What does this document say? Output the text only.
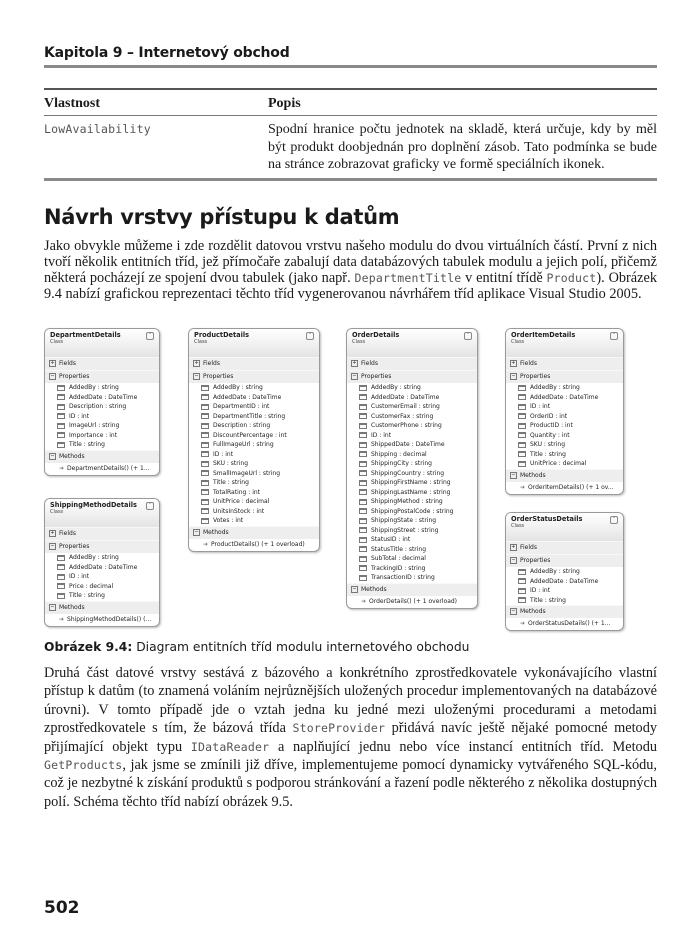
Kapitola 9 – Internetový obchod
Vlastnost	Popis
LowAvailability	Spodní hranice počtu jednotek na skladě, která určuje, kdy by měl být produkt doobjednán pro doplnění zásob. Tato podmínka se bude na stránce zobrazovat graficky ve formě speciálních ikonek.
Návrh vrstvy přístupu k datům

Jako obvykle můžeme i zde rozdělit datovou vrstvu našeho modulu do dvou virtuálních částí. První z nich tvoří několik entitních tříd, jež přímočaře zabalují data databázových tabulek modulu a jejich polí, přičemž některá pocházejí ze spojení dvou tabulek (jako např. DepartmentTitle v entitní třídě Product). Obrázek 9.4 nabízí grafickou reprezentaci těchto tříd vygenerovanou návrhářem tříd aplikace Visual Studio 2005.

DepartmentDetails
Class
˄
+ Fields
− Properties
AddedBy : string
AddedDate : DateTime
Description : string
ID : int
ImageUrl : string
Importance : int
Title : string
− Methods
➜ DepartmentDetails() (+ 1...
ShippingMethodDetails
Class
˄
+ Fields
− Properties
AddedBy : string
AddedDate : DateTime
ID : int
Price : decimal
Title : string
− Methods
➜ ShippingMethodDetails() (...
ProductDetails
Class
˄
+ Fields
− Properties
AddedBy : string
AddedDate : DateTime
DepartmentID : int
DepartmentTitle : string
Description : string
DiscountPercentage : int
FullImageUrl : string
ID : int
SKU : string
SmallImageUrl : string
Title : string
TotalRating : int
UnitPrice : decimal
UnitsInStock : int
Votes : int
− Methods
➜ ProductDetails() (+ 1 overload)
OrderDetails
Class
˄
+ Fields
− Properties
AddedBy : string
AddedDate : DateTime
CustomerEmail : string
CustomerFax : string
CustomerPhone : string
ID : int
ShippedDate : DateTime
Shipping : decimal
ShippingCity : string
ShippingCountry : string
ShippingFirstName : string
ShippingLastName : string
ShippingMethod : string
ShippingPostalCode : string
ShippingState : string
ShippingStreet : string
StatusID : int
StatusTitle : string
SubTotal : decimal
TrackingID : string
TransactionID : string
− Methods
➜ OrderDetails() (+ 1 overload)
OrderItemDetails
Class
˄
+ Fields
− Properties
AddedBy : string
AddedDate : DateTime
ID : int
OrderID : int
ProductID : int
Quantity : int
SKU : string
Title : string
UnitPrice : decimal
− Methods
➜ OrderItemDetails() (+ 1 ov...
OrderStatusDetails
Class
˄
+ Fields
− Properties
AddedBy : string
AddedDate : DateTime
ID : int
Title : string
− Methods
➜ OrderStatusDetails() (+ 1...
Obrázek 9.4: Diagram entitních tříd modulu internetového obchodu

Druhá část datové vrstvy sestává z bázového a konkrétního zprostředkovatele vykonávajícího vlastní přístup k datům (to znamená voláním nejrůznějších uložených procedur implementovaných na databázové úrovni). V tomto případě jde o vztah jedna ku jedné mezi uloženými procedurami a metodami zprostředkovatele s tím, že bázová třída StoreProvider přidává navíc ještě nějaké pomocné metody přijímající objekt typu IDataReader a naplňující jednu nebo více instancí entitních tříd. Metodu GetProducts, jak jsme se zmínili již dříve, implementujeme pomocí dynamicky vytvářeného SQL-kódu, což je nezbytné k získání produktů s podporou stránkování a řazení podle některého z několika dostupných polí. Schéma těchto tříd nabízí obrázek 9.5.

502
